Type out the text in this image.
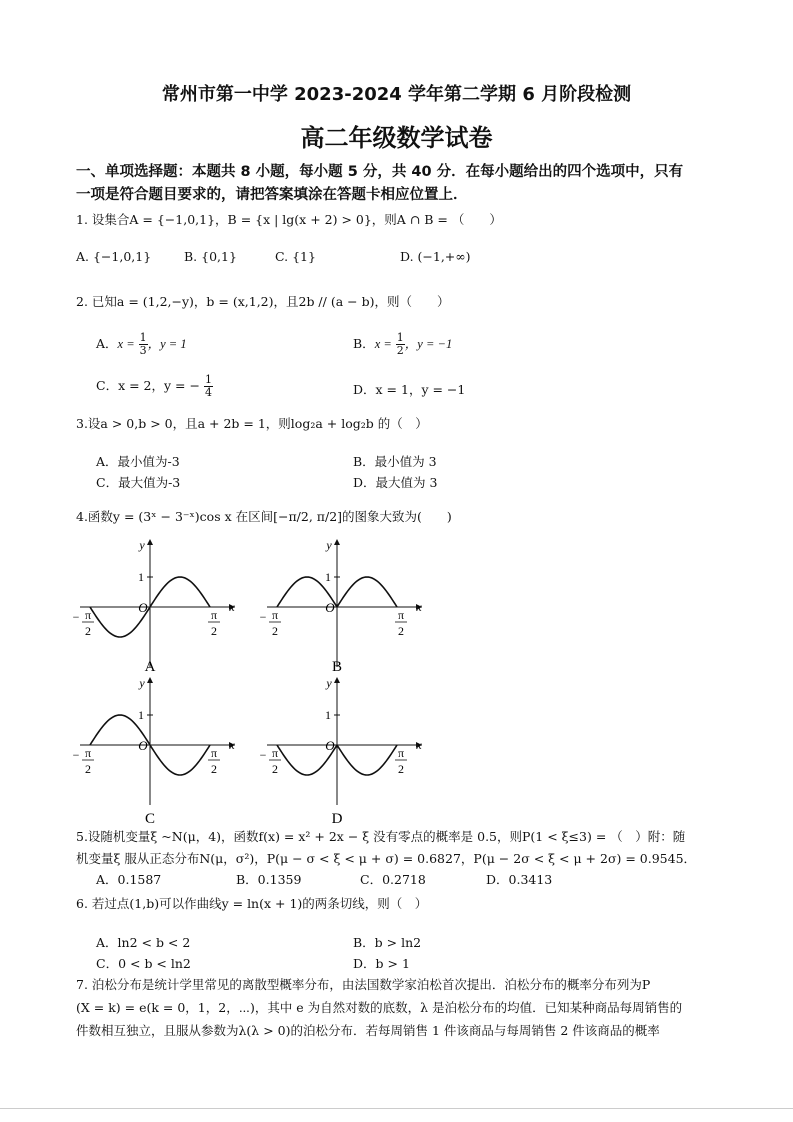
常州市第一中学 2023-2024 学年第二学期 6 月阶段检测
高二年级数学试卷
一、单项选择题：本题共 8 小题，每小题 5 分，共 40 分．在每小题给出的四个选项中，只有
一项是符合题目要求的，请把答案填涂在答题卡相应位置上．
1. 设集合A = {−1,0,1}，B = {x | lg(x + 2) > 0}，则A ∩ B = （　　）
A. {−1,0,1}	B. {0,1}	C. {1}	D. (−1,+∞)
2. 已知a = (1,2,−y)，b = (x,1,2)，且2b // (a − b)，则（　　）
A．$x = \frac{1}{3}$ ，y = 1	B．$x = \frac{1}{2}$ ，y = −1
C．x = 2，y = − $\frac{1}{4}$	D．x = 1，y = −1
3.设a > 0,b > 0，且a + 2b = 1，则log₂a + log₂b 的（　）
A．最小值为-3	B．最小值为 3
C．最大值为-3	D．最大值为 3
4.函数y = (3ˣ − 3⁻ˣ)cos x 在区间[−π/2, π/2]的图象大致为(　　)
y
x
O
1
− π
2
π
2
A
y
x
O
1
− π
2
π
2
B
y
x
O
1
− π
2
π
2
C
y
x
O
1
− π
2
π
2
D
5.设随机变量ξ ~N(μ，4)，函数f(x) = x² + 2x − ξ 没有零点的概率是 0.5，则P(1 < ξ≤3) = （　）附：随
机变量ξ 服从正态分布N(μ，σ²)，P(μ − σ < ξ < μ + σ) = 0.6827，P(μ − 2σ < ξ < μ + 2σ) = 0.9545．
A．0.1587	B．0.1359	C．0.2718	D．0.3413
6. 若过点(1,b)可以作曲线y = ln(x + 1)的两条切线，则（　）
A．ln2 < b < 2	B．b > ln2
C．0 < b < ln2	D．b > 1
7. 泊松分布是统计学里常见的离散型概率分布，由法国数学家泊松首次提出．泊松分布的概率分布列为P
(X = k) = e(k = 0，1，2，⋯)，其中 e 为自然对数的底数，λ 是泊松分布的均值．已知某种商品每周销售的
件数相互独立，且服从参数为λ(λ > 0)的泊松分布．若每周销售 1 件该商品与每周销售 2 件该商品的概率
